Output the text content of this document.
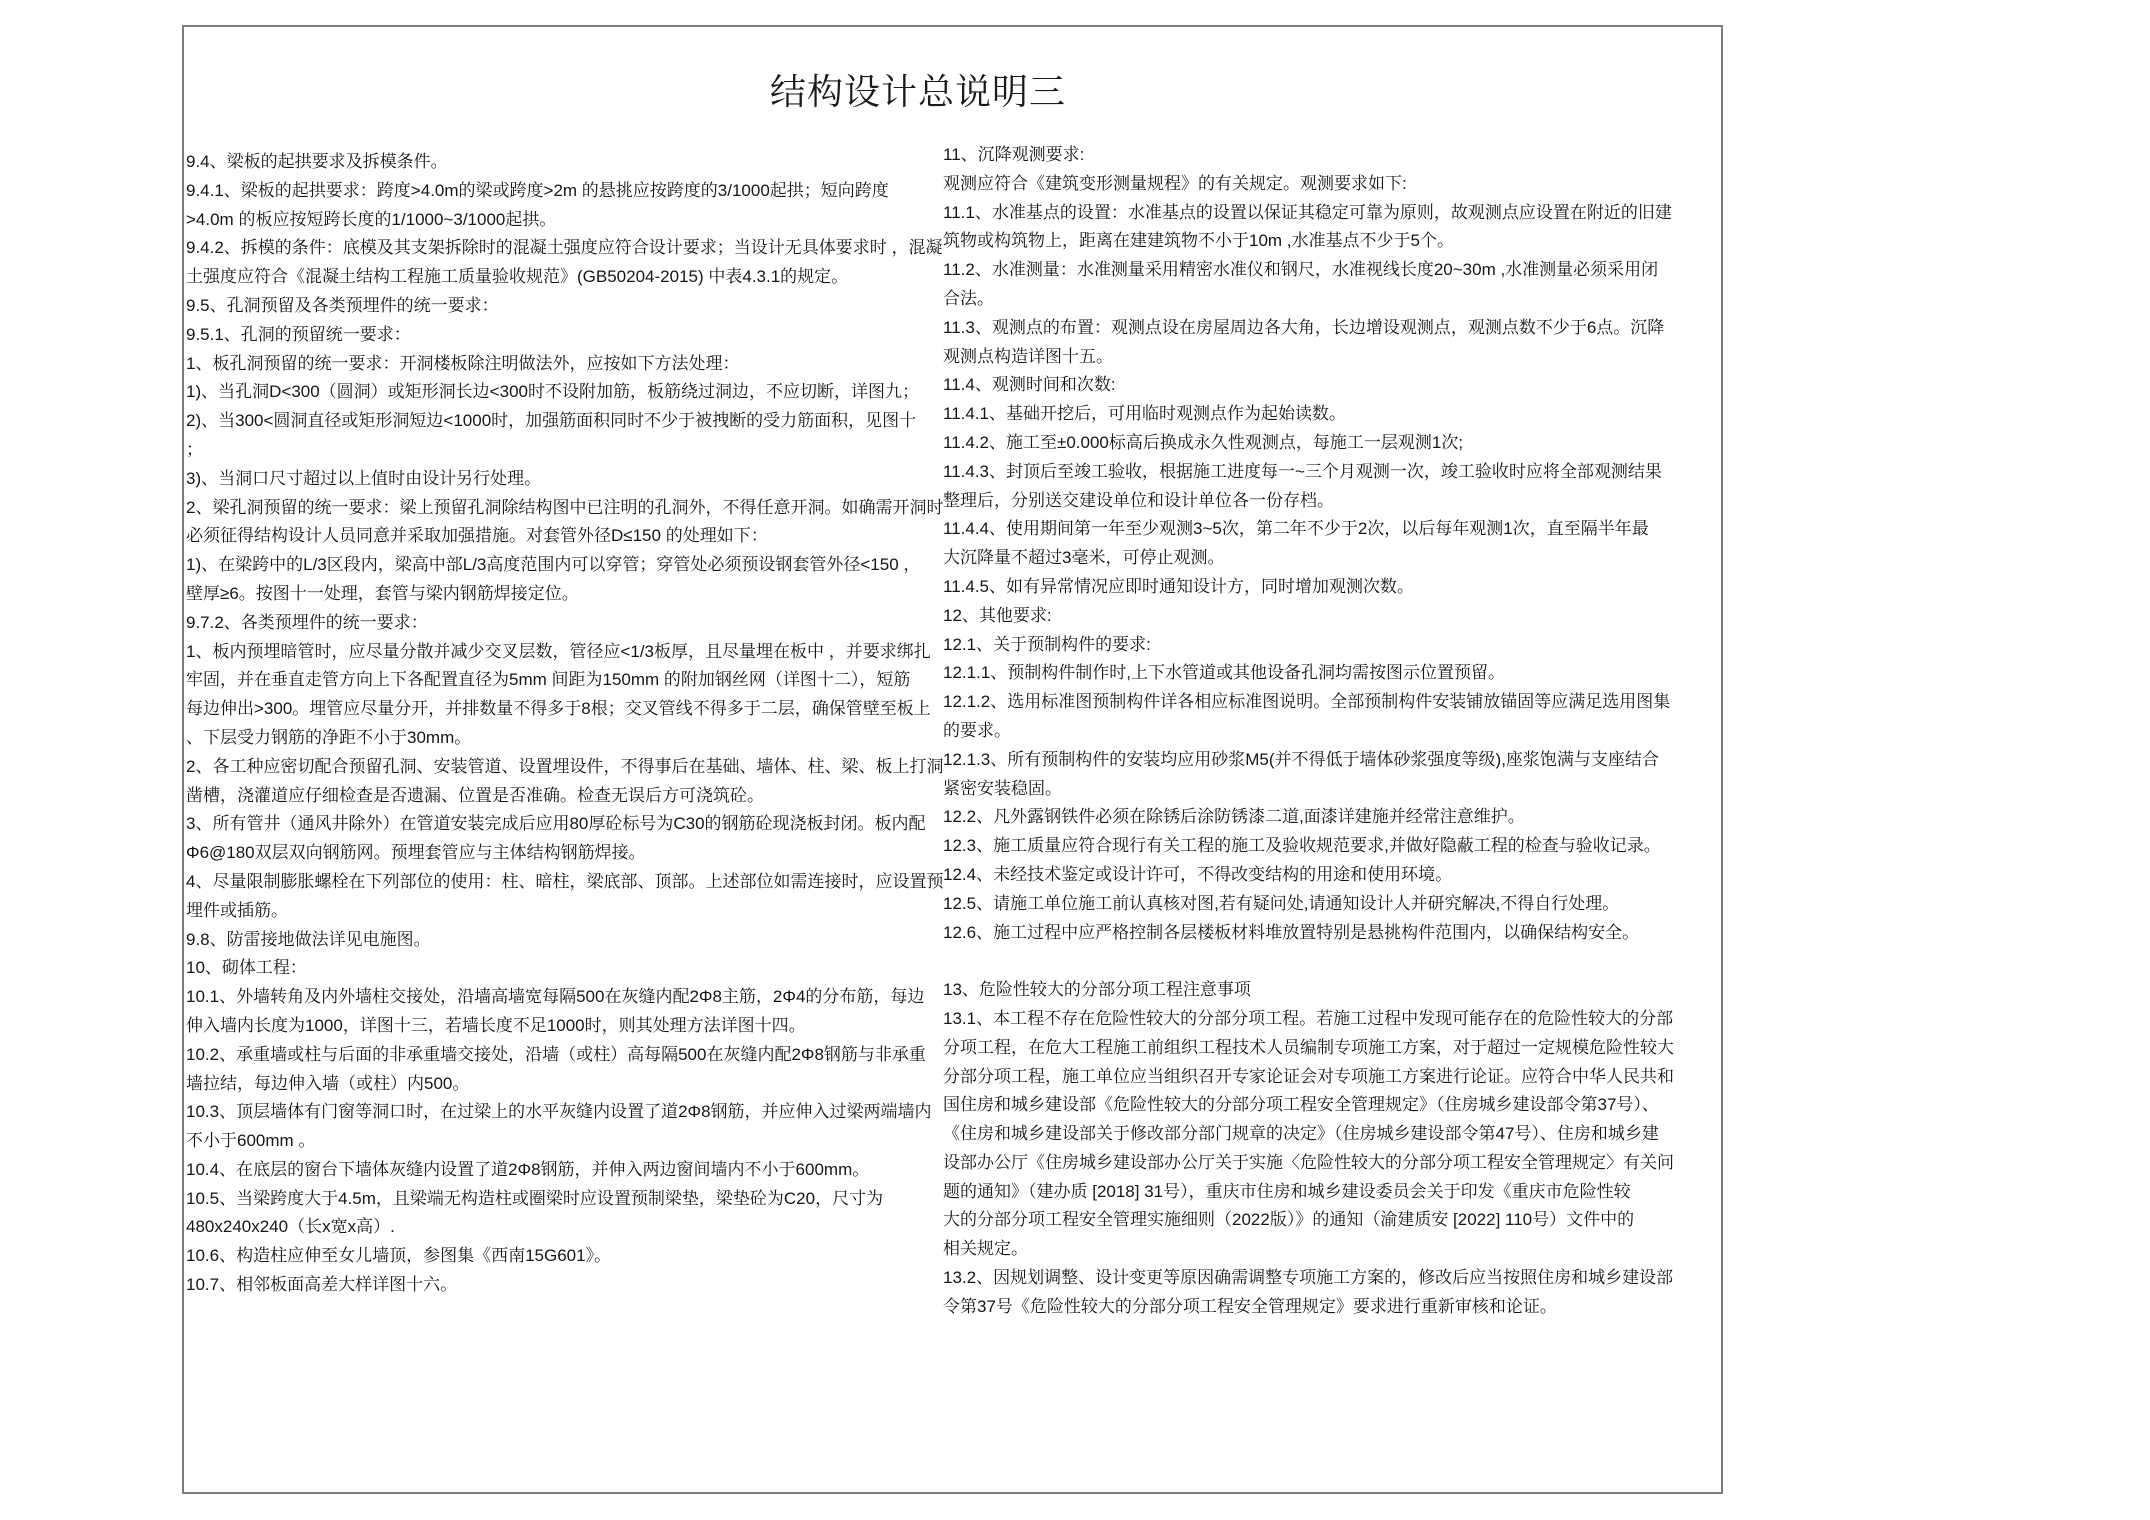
结构设计总说明三
9.4、梁板的起拱要求及拆模条件。
9.4.1、梁板的起拱要求：跨度>4.0m的梁或跨度>2m 的悬挑应按跨度的3/1000起拱；短向跨度
>4.0m 的板应按短跨长度的1/1000~3/1000起拱。
9.4.2、拆模的条件：底模及其支架拆除时的混凝土强度应符合设计要求；当设计无具体要求时 ，混凝
土强度应符合《混凝土结构工程施工质量验收规范》(GB50204-2015) 中表4.3.1的规定。
9.5、孔洞预留及各类预埋件的统一要求：
9.5.1、孔洞的预留统一要求：
1、板孔洞预留的统一要求：开洞楼板除注明做法外，应按如下方法处理：
1)、当孔洞D<300（圆洞）或矩形洞长边<300时不设附加筋，板筋绕过洞边，不应切断，详图九；
2)、当300<圆洞直径或矩形洞短边<1000时，加强筋面积同时不少于被拽断的受力筋面积，见图十
；
3)、当洞口尺寸超过以上值时由设计另行处理。
2、梁孔洞预留的统一要求：梁上预留孔洞除结构图中已注明的孔洞外，不得任意开洞。如确需开洞时
必须征得结构设计人员同意并采取加强措施。对套管外径D≤150 的处理如下：
1)、在梁跨中的L/3区段内，梁高中部L/3高度范围内可以穿管；穿管处必须预设钢套管外径<150 ，
壁厚≥6。按图十一处理，套管与梁内钢筋焊接定位。
9.7.2、各类预埋件的统一要求：
1、板内预埋暗管时，应尽量分散并减少交叉层数，管径应<1/3板厚，且尽量埋在板中 ，并要求绑扎
牢固，并在垂直走管方向上下各配置直径为5mm 间距为150mm 的附加钢丝网（详图十二），短筋
每边伸出>300。埋管应尽量分开，并排数量不得多于8根；交叉管线不得多于二层，确保管壁至板上
、下层受力钢筋的净距不小于30mm。
2、各工种应密切配合预留孔洞、安装管道、设置埋设件，不得事后在基础、墙体、柱、梁、板上打洞
凿槽，浇灌道应仔细检查是否遗漏、位置是否准确。检查无误后方可浇筑砼。
3、所有管井（通风井除外）在管道安装完成后应用80厚砼标号为C30的钢筋砼现浇板封闭。板内配
Φ6@180双层双向钢筋网。预埋套管应与主体结构钢筋焊接。
4、尽量限制膨胀螺栓在下列部位的使用：柱、暗柱，梁底部、顶部。上述部位如需连接时，应设置预
埋件或插筋。
9.8、防雷接地做法详见电施图。
10、砌体工程：
10.1、外墙转角及内外墙柱交接处，沿墙高墙宽每隔500在灰缝内配2Φ8主筋，2Φ4的分布筋，每边
伸入墙内长度为1000，详图十三，若墙长度不足1000时，则其处理方法详图十四。
10.2、承重墙或柱与后面的非承重墙交接处，沿墙（或柱）高每隔500在灰缝内配2Φ8钢筋与非承重
墙拉结，每边伸入墙（或柱）内500。
10.3、顶层墙体有门窗等洞口时，在过梁上的水平灰缝内设置了道2Φ8钢筋，并应伸入过梁两端墙内
不小于600mm 。
10.4、在底层的窗台下墙体灰缝内设置了道2Φ8钢筋，并伸入两边窗间墙内不小于600mm。
10.5、当梁跨度大于4.5m，且梁端无构造柱或圈梁时应设置预制梁垫，梁垫砼为C20，尺寸为
480x240x240（长x宽x高）.
10.6、构造柱应伸至女儿墙顶，参图集《西南15G601》。
10.7、相邻板面高差大样详图十六。
11、沉降观测要求:
观测应符合《建筑变形测量规程》的有关规定。观测要求如下:
11.1、水准基点的设置：水准基点的设置以保证其稳定可靠为原则，故观测点应设置在附近的旧建
筑物或构筑物上，距离在建建筑物不小于10m ,水准基点不少于5个。
11.2、水准测量：水准测量采用精密水准仪和钢尺，水准视线长度20~30m ,水准测量必须采用闭
合法。
11.3、观测点的布置：观测点设在房屋周边各大角，长边增设观测点，观测点数不少于6点。沉降
观测点构造详图十五。
11.4、观测时间和次数:
11.4.1、基础开挖后，可用临时观测点作为起始读数。
11.4.2、施工至±0.000标高后换成永久性观测点，每施工一层观测1次;
11.4.3、封顶后至竣工验收，根据施工进度每一~三个月观测一次，竣工验收时应将全部观测结果
整理后，分别送交建设单位和设计单位各一份存档。
11.4.4、使用期间第一年至少观测3~5次，第二年不少于2次，以后每年观测1次，直至隔半年最
大沉降量不超过3毫米，可停止观测。
11.4.5、如有异常情况应即时通知设计方，同时增加观测次数。
12、其他要求:
12.1、关于预制构件的要求:
12.1.1、预制构件制作时,上下水管道或其他设备孔洞均需按图示位置预留。
12.1.2、选用标准图预制构件详各相应标准图说明。全部预制构件安装铺放锚固等应满足选用图集
的要求。
12.1.3、所有预制构件的安装均应用砂浆M5(并不得低于墙体砂浆强度等级),座浆饱满与支座结合
紧密安装稳固。
12.2、凡外露钢铁件必须在除锈后涂防锈漆二道,面漆详建施并经常注意维护。
12.3、施工质量应符合现行有关工程的施工及验收规范要求,并做好隐蔽工程的检查与验收记录。
12.4、未经技术鉴定或设计许可，不得改变结构的用途和使用环境。
12.5、请施工单位施工前认真核对图,若有疑问处,请通知设计人并研究解决,不得自行处理。
12.6、施工过程中应严格控制各层楼板材料堆放置特别是悬挑构件范围内，以确保结构安全。
13、危险性较大的分部分项工程注意事项
13.1、本工程不存在危险性较大的分部分项工程。若施工过程中发现可能存在的危险性较大的分部
分项工程，在危大工程施工前组织工程技术人员编制专项施工方案，对于超过一定规模危险性较大
分部分项工程，施工单位应当组织召开专家论证会对专项施工方案进行论证。应符合中华人民共和
国住房和城乡建设部《危险性较大的分部分项工程安全管理规定》（住房城乡建设部令第37号）、
《住房和城乡建设部关于修改部分部门规章的决定》（住房城乡建设部令第47号）、住房和城乡建
设部办公厅《住房城乡建设部办公厅关于实施〈危险性较大的分部分项工程安全管理规定〉有关问
题的通知》（建办质 [2018] 31号），重庆市住房和城乡建设委员会关于印发《重庆市危险性较
大的分部分项工程安全管理实施细则（2022版）》的通知（渝建质安 [2022] 110号）文件中的
相关规定。
13.2、因规划调整、设计变更等原因确需调整专项施工方案的，修改后应当按照住房和城乡建设部
令第37号《危险性较大的分部分项工程安全管理规定》要求进行重新审核和论证。
